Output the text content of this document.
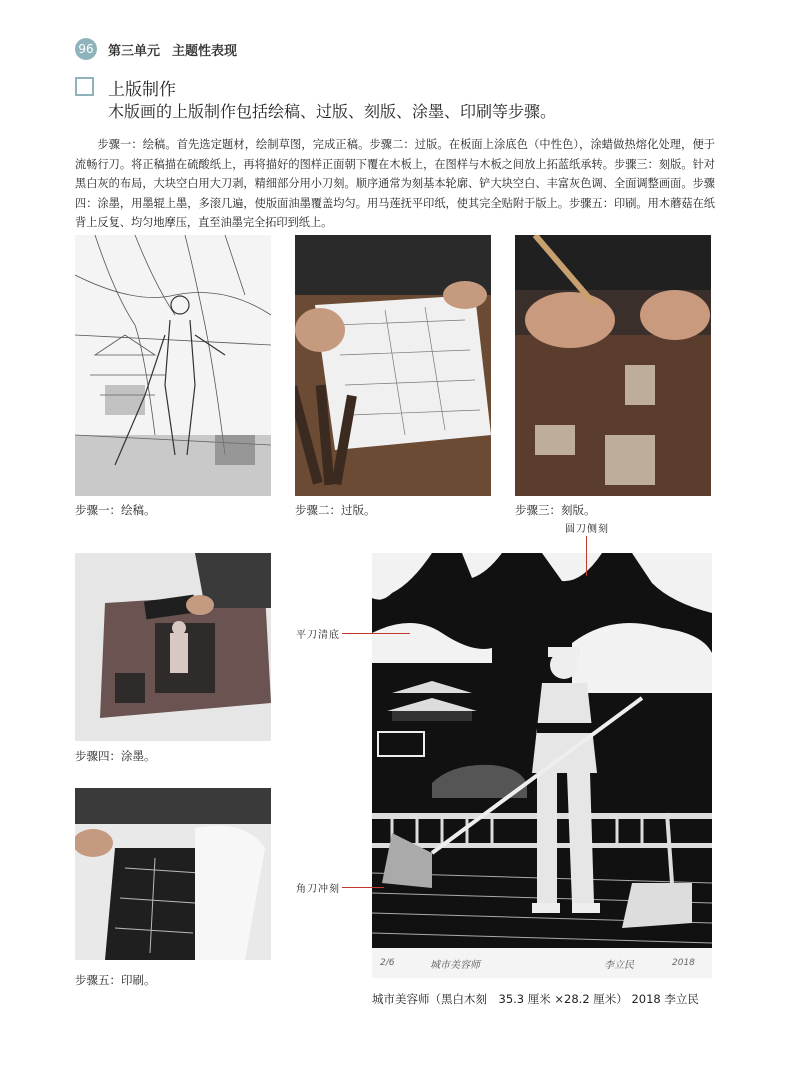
96 第三单元 主题性表现
上版制作
木版画的上版制作包括绘稿、过版、刻版、涂墨、印刷等步骤。
步骤一：绘稿。首先选定题材，绘制草图，完成正稿。步骤二：过版。在板面上涂底色（中性色），涂蜡做热熔化处理，便于流畅行刀。将正稿描在硫酸纸上，再将描好的图样正面朝下覆在木板上，在图样与木板之间放上拓蓝纸承转。步骤三：刻版。针对黑白灰的布局，大块空白用大刀剥，精细部分用小刀刻。顺序通常为刻基本轮廓、铲大块空白、丰富灰色调、全面调整画面。步骤四：涂墨，用墨辊上墨，多滚几遍，使版面油墨覆盖均匀。用马莲抚平印纸，使其完全贴附于版上。步骤五：印刷。用木蘑菇在纸背上反复、均匀地摩压，直至油墨完全拓印到纸上。
步骤一：绘稿。	步骤二：过版。	步骤三：刻版。
步骤四：涂墨。
步骤五：印刷。
2/6	城市美容师	李立民	2018
圆刀侧刻
平刀清底
角刀冲刻
城市美容师（黑白木刻　35.3 厘米 ×28.2 厘米） 2018 李立民
